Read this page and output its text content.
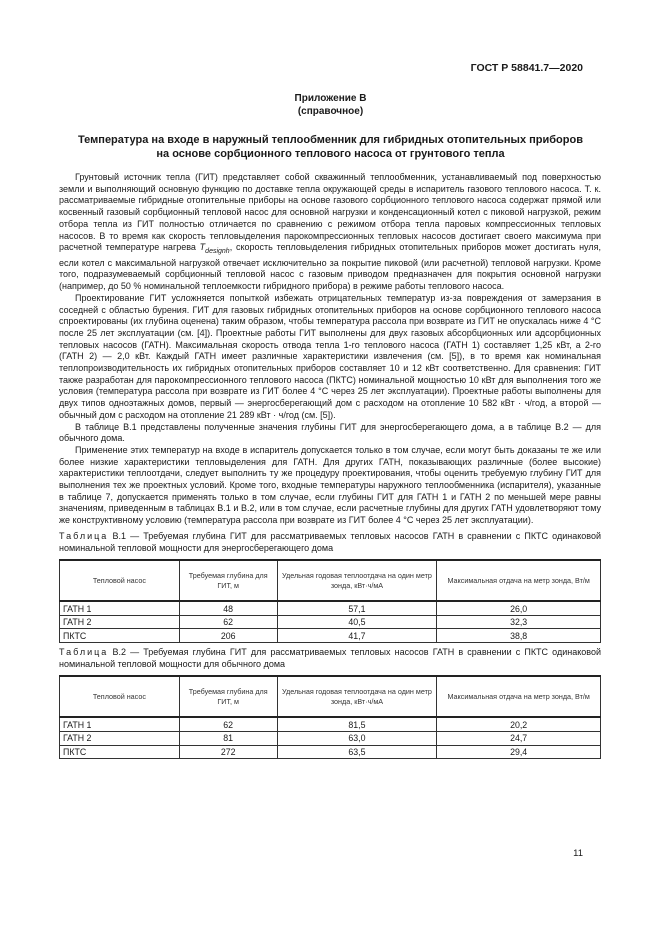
ГОСТ Р 58841.7—2020
Приложение В
(справочное)
Температура на входе в наружный теплообменник для гибридных отопительных приборов
на основе сорбционного теплового насоса от грунтового тепла

Грунтовый источник тепла (ГИТ) представляет собой скважинный теплообменник, устанавливаемый под поверхностью земли и выполняющий основную функцию по доставке тепла окружающей среды в испаритель газового теплового насоса. Т. к. рассматриваемые гибридные отопительные приборы на основе газового сорбционного теплового насоса содержат прямой или косвенный газовый сорбционный тепловой насос для основной нагрузки и конденсационный котел с пиковой нагрузкой, режим отбора тепла из ГИТ полностью отличается по сравнению с режимом отбора тепла паровых компрессионных тепловых насосов. В то время как скорость тепловыделения парокомпрессионных тепловых насосов достигает своего максимума при расчетной температуре нагрева $T_{designh}$, скорость тепловыделения гибридных отопительных приборов может достигать нуля, если котел с максимальной нагрузкой отвечает исключительно за покрытие пиковой (или расчетной) тепловой нагрузки. Кроме того, подразумеваемый сорбционный тепловой насос с газовым приводом предназначен для покрытия основной нагрузки (например, до 50 % номинальной теплоемкости гибридного прибора) в режиме работы теплового насоса.

Проектирование ГИТ усложняется попыткой избежать отрицательных температур из-за повреждения от замерзания в соседней с областью бурения. ГИТ для газовых гибридных отопительных приборов на основе сорбционного теплового насоса спроектированы (их глубина оценена) таким образом, чтобы температура рассола при возврате из ГИТ не опускалась ниже 4 °С после 25 лет эксплуатации (см. [4]). Проектные работы ГИТ выполнены для двух газовых абсорбционных или адсорбционных тепловых насосов (ГАТН). Максимальная скорость отвода тепла 1-го теплового насоса (ГАТН 1) составляет 1,25 кВт, а 2-го (ГАТН 2) — 2,0 кВт. Каждый ГАТН имеет различные характеристики извлечения (см. [5]), в то время как номинальная теплопроизводительность их гибридных отопительных приборов составляет 10 и 12 кВт соответственно. Для сравнения: ГИТ также разработан для парокомпрессионного теплового насоса (ПКТС) номинальной мощностью 10 кВт для выполнения того же условия (температура рассола при возврате из ГИТ более 4 °С через 25 лет эксплуатации). Проектные работы выполнены для двух типов одноэтажных домов, первый — энергосберегающий дом с расходом на отопление 10 582 кВт · ч/год, а второй — обычный дом с расходом на отопление 21 289 кВт · ч/год (см. [5]).

В таблице В.1 представлены полученные значения глубины ГИТ для энергосберегающего дома, а в таблице В.2 — для обычного дома.

Применение этих температур на входе в испаритель допускается только в том случае, если могут быть доказаны те же или более низкие характеристики тепловыделения для ГАТН. Для других ГАТН, показывающих различные (более высокие) характеристики теплоотдачи, следует выполнить ту же процедуру проектирования, чтобы оценить требуемую глубину ГИТ для выполнения тех же проектных условий. Кроме того, входные температуры наружного теплообменника (испарителя), указанные в таблице 7, допускается применять только в том случае, если глубины ГИТ для ГАТН 1 и ГАТН 2 по меньшей мере равны значениям, приведенным в таблицах В.1 и В.2, или в том случае, если расчетные глубины для других ГАТН удовлетворяют тому же конструктивному условию (температура рассола при возврате из ГИТ более 4 °С через 25 лет эксплуатации).

Таблица В.1 — Требуемая глубина ГИТ для рассматриваемых тепловых насосов ГАТН в сравнении с ПКТС одинаковой номинальной тепловой мощности для энергосберегающего дома
Тепловой насос	Требуемая глубина для ГИТ, м	Удельная годовая теплоотдача на один метр зонда, кВт·ч/мА	Максимальная отдача на метр зонда, Вт/м
ГАТН 1	48	57,1	26,0
ГАТН 2	62	40,5	32,3
ПКТС	206	41,7	38,8
Таблица В.2 — Требуемая глубина ГИТ для рассматриваемых тепловых насосов ГАТН в сравнении с ПКТС одинаковой номинальной тепловой мощности для обычного дома
Тепловой насос	Требуемая глубина для ГИТ, м	Удельная годовая теплоотдача на один метр зонда, кВт·ч/мА	Максимальная отдача на метр зонда, Вт/м
ГАТН 1	62	81,5	20,2
ГАТН 2	81	63,0	24,7
ПКТС	272	63,5	29,4
11
